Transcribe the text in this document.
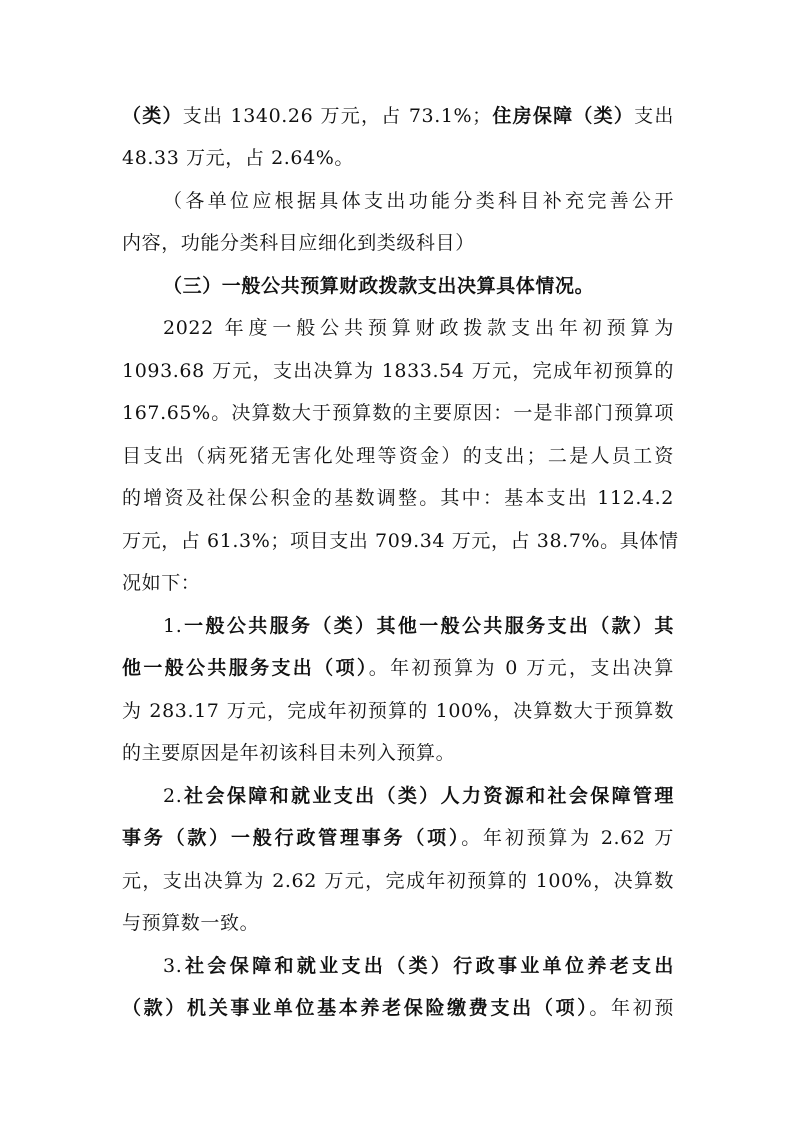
（类）支出 1340.26 万元，占 73.1%；住房保障（类）支出
48.33 万元，占 2.64%。
（各单位应根据具体支出功能分类科目补充完善公开
内容，功能分类科目应细化到类级科目）
（三）一般公共预算财政拨款支出决算具体情况。
2022 年度一般公共预算财政拨款支出年初预算为
1093.68 万元，支出决算为 1833.54 万元，完成年初预算的
167.65%。决算数大于预算数的主要原因：一是非部门预算项
目支出（病死猪无害化处理等资金）的支出；二是人员工资
的增资及社保公积金的基数调整。其中：基本支出 112.4.2
万元，占 61.3%；项目支出 709.34 万元，占 38.7%。具体情
况如下：
1.一般公共服务（类）其他一般公共服务支出（款）其
他一般公共服务支出（项）。年初预算为 0 万元，支出决算
为 283.17 万元，完成年初预算的 100%，决算数大于预算数
的主要原因是年初该科目未列入预算。
2.社会保障和就业支出（类）人力资源和社会保障管理
事务（款）一般行政管理事务（项）。年初预算为 2.62 万
元，支出决算为 2.62 万元，完成年初预算的 100%，决算数
与预算数一致。
3.社会保障和就业支出（类）行政事业单位养老支出
（款）机关事业单位基本养老保险缴费支出（项）。年初预
